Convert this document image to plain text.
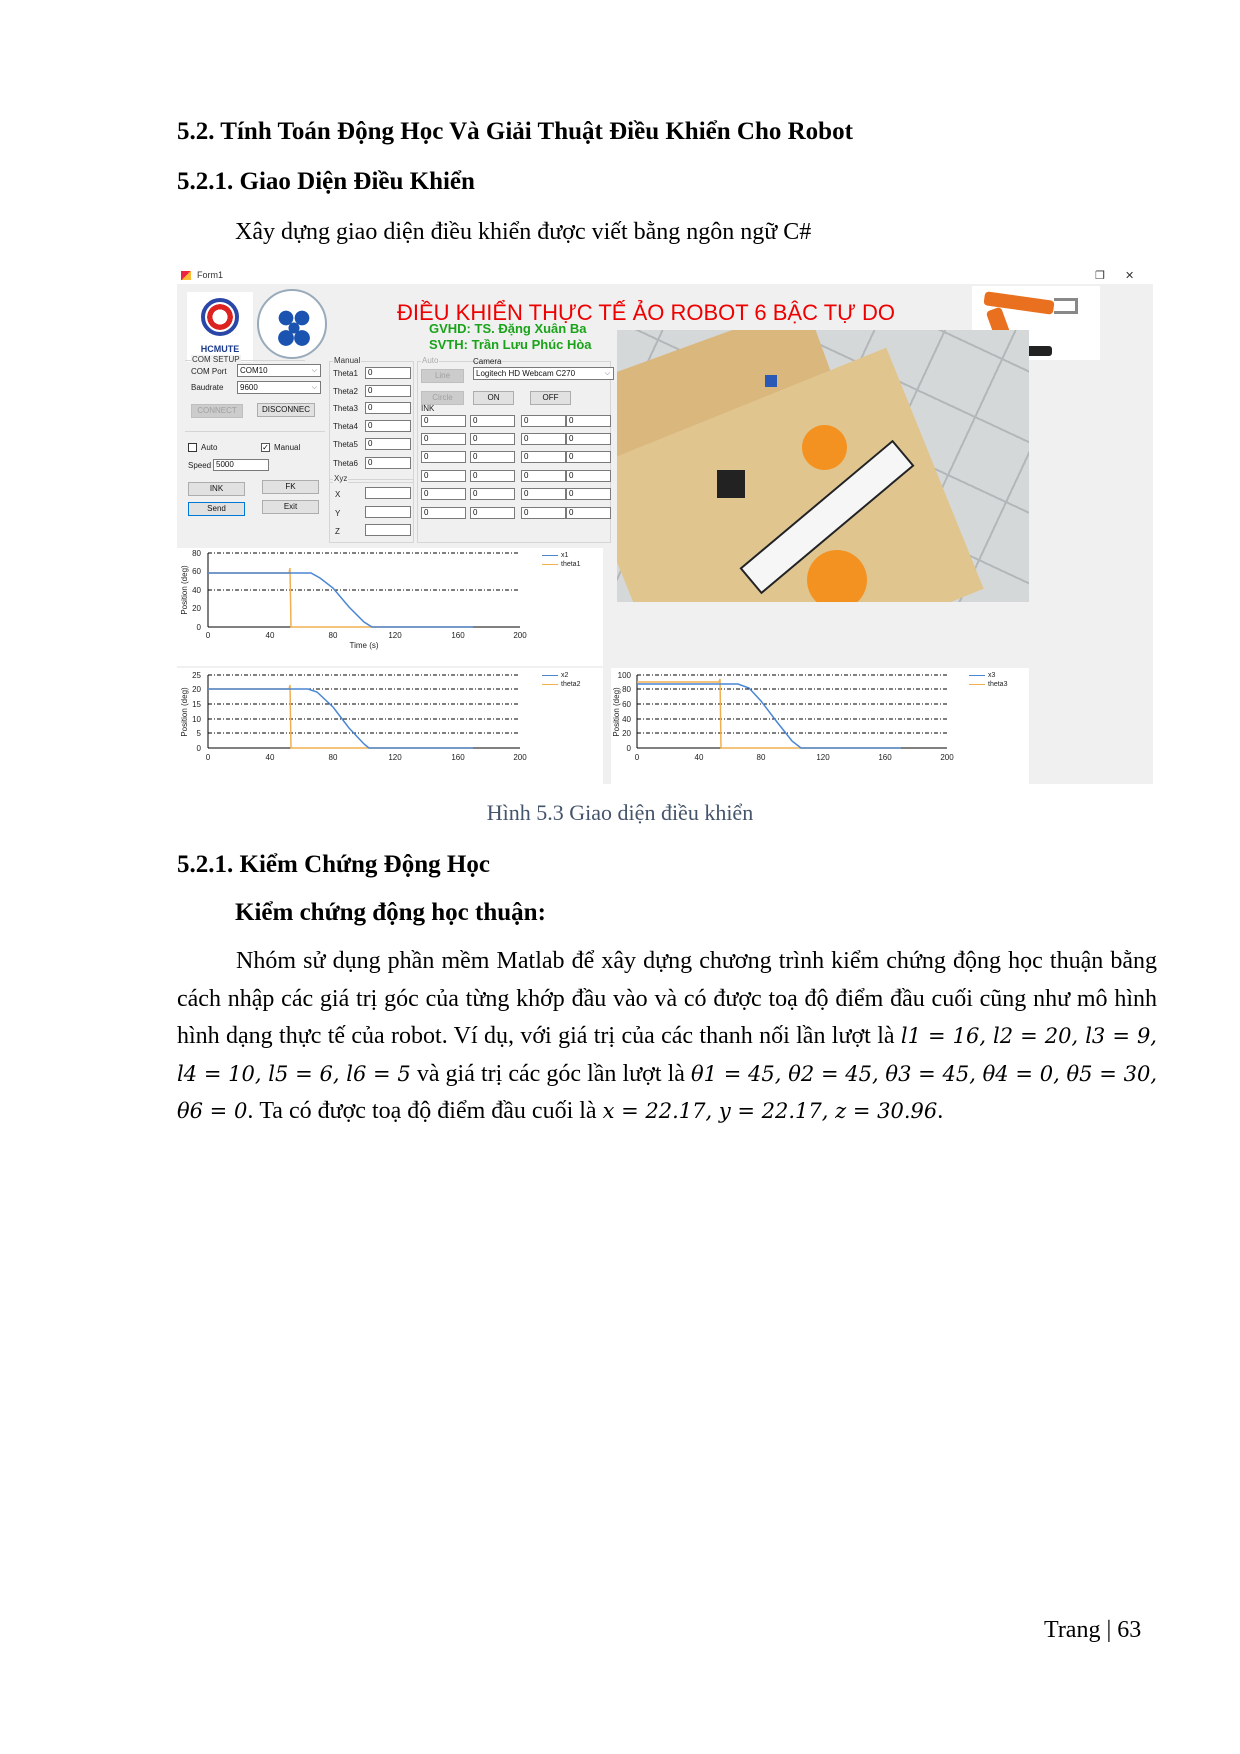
5.2. Tính Toán Động Học Và Giải Thuật Điều Khiển Cho Robot
5.2.1. Giao Diện Điều Khiển
Xây dựng giao diện điều khiển được viết bằng ngôn ngữ C#
Form1	❐ ✕
HCMUTE
ĐIỀU KHIỂN THỰC TẾ ẢO ROBOT 6 BẬC TỰ DO
GVHD: TS. Đặng Xuân Ba
SVTH: Trần Lưu Phúc Hòa
COM SETUP
COM Port	COM10	⌵
Baudrate	9600	⌵
CONNECT	DISCONNEC
Auto	✓ Manual
Speed 5000
INK	FK
Send	Exit
Manual
Theta1	0
Theta2	0
Theta3	0
Theta4	0
Theta5	0
Theta6	0
Xyz
X
Y
Z
Auto
Line
Circle
Camera
Logitech HD Webcam C270	⌵
ON	OFF
INK
0	0	0	0
0	0	0	0
0	0	0	0
0	0	0	0
0	0	0	0
0	0	0	0
80
60
40
20
0
0	40	80	120	160	200
Time (s)
Position (deg)
x1
theta1
25
20
15
10
5
0
0	40	80	120	160	200
Position (deg)
x2
theta2
100
80
60
40
20
0
0	40	80	120	160	200
Position (deg)
x3
theta3
Hình 5.3 Giao diện điều khiển
5.2.1. Kiểm Chứng Động Học
Kiểm chứng động học thuận:

Nhóm sử dụng phần mềm Matlab để xây dựng chương trình kiểm chứng động học thuận bằng cách nhập các giá trị góc của từng khớp đầu vào và có được toạ độ điểm đầu cuối cũng như mô hình hình dạng thực tế của robot. Ví dụ, với giá trị của các thanh nối lần lượt là l1 = 16, l2 = 20, l3 = 9, l4 = 10, l5 = 6, l6 = 5 và giá trị các góc lần lượt là θ1 = 45, θ2 = 45, θ3 = 45, θ4 = 0, θ5 = 30, θ6 = 0. Ta có được toạ độ điểm đầu cuối là x = 22.17, y = 22.17, z = 30.96.

Trang | 63
